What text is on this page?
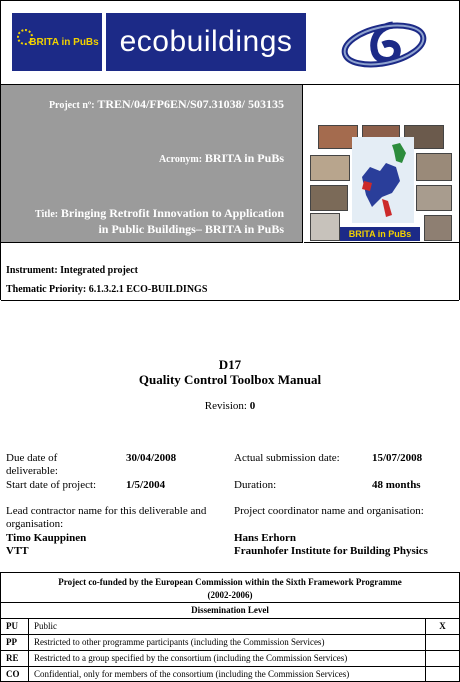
BRITA in PuBs ecobuildings
Project nº: TREN/04/FP6EN/S07.31038/ 503135
Acronym: BRITA in PuBs
Title: Bringing Retrofit Innovation to Application
in Public Buildings– BRITA in PuBs	BRITA in PuBs
Instrument: Integrated project
Thematic Priority: 6.1.3.2.1 ECO-BUILDINGS
D17
Quality Control Toolbox Manual
Revision: 0
Due date of
deliverable:
30/04/2008	Actual submission date:	15/07/2008
Start date of project:	1/5/2004	Duration:	48 months
Lead contractor name for this deliverable and
organisation:
Timo Kauppinen
VTT
Project coordinator name and organisation:
Hans Erhorn
Fraunhofer Institute for Building Physics
Project co-funded by the European Commission within the Sixth Framework Programme
(2002-2006)
Dissemination Level
PU	Public	X
PP	Restricted to other programme participants (including the Commission Services)
RE	Restricted to a group specified by the consortium (including the Commission Services)
CO	Confidential, only for members of the consortium (including the Commission Services)
